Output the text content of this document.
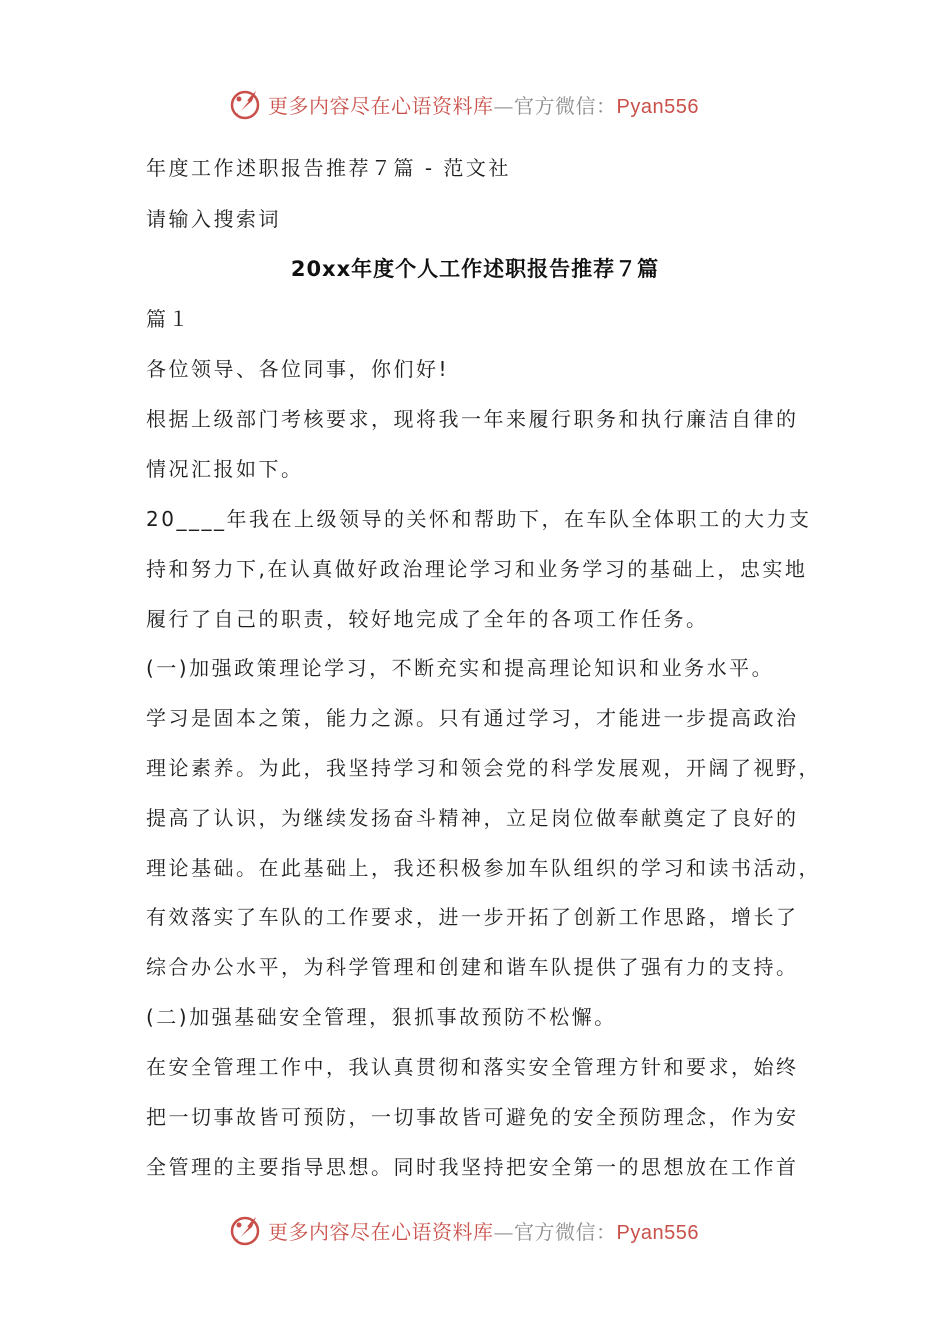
更多内容尽在心语资料库—官方微信：Pyan556
年度工作述职报告推荐７篇 - 范文社
请输入搜索词
20xx年度个人工作述职报告推荐７篇
篇１
各位领导、各位同事，你们好!
根据上级部门考核要求，现将我一年来履行职务和执行廉洁自律的
情况汇报如下。
20____年我在上级领导的关怀和帮助下，在车队全体职工的大力支
持和努力下,在认真做好政治理论学习和业务学习的基础上，忠实地
履行了自己的职责，较好地完成了全年的各项工作任务。
(一)加强政策理论学习，不断充实和提高理论知识和业务水平。
学习是固本之策，能力之源。只有通过学习，才能进一步提高政治
理论素养。为此，我坚持学习和领会党的科学发展观，开阔了视野，
提高了认识，为继续发扬奋斗精神，立足岗位做奉献奠定了良好的
理论基础。在此基础上，我还积极参加车队组织的学习和读书活动，
有效落实了车队的工作要求，进一步开拓了创新工作思路，增长了
综合办公水平，为科学管理和创建和谐车队提供了强有力的支持。
(二)加强基础安全管理，狠抓事故预防不松懈。
在安全管理工作中，我认真贯彻和落实安全管理方针和要求，始终
把一切事故皆可预防，一切事故皆可避免的安全预防理念，作为安
全管理的主要指导思想。同时我坚持把安全第一的思想放在工作首
更多内容尽在心语资料库—官方微信：Pyan556
